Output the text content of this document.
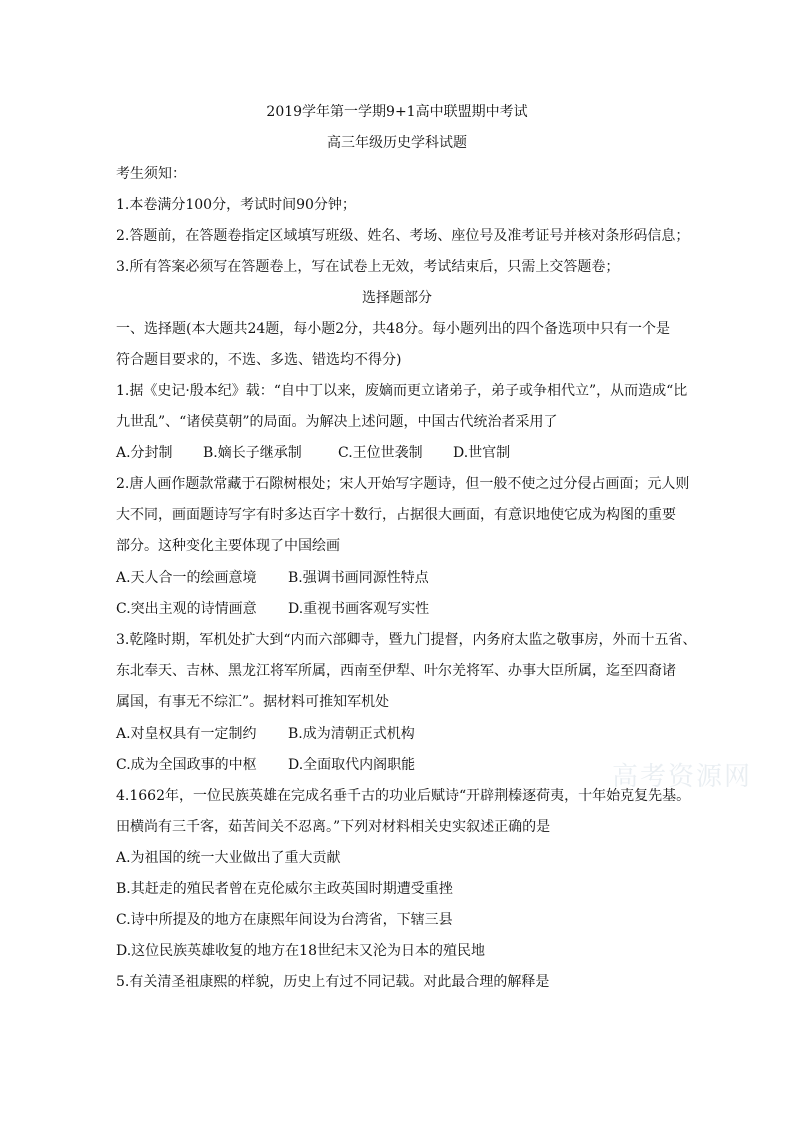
2019学年第一学期9+1高中联盟期中考试
高三年级历史学科试题
考生须知：
1.本卷满分100分，考试时间90分钟；
2.答题前，在答题卷指定区域填写班级、姓名、考场、座位号及准考证号并核对条形码信息；
3.所有答案必须写在答题卷上，写在试卷上无效，考试结束后，只需上交答题卷；
选择题部分
一、选择题(本大题共24题，每小题2分，共48分。每小题列出的四个备选项中只有一个是
符合题目要求的，不选、多选、错选均不得分)
1.据《史记·殷本纪》载：“自中丁以来，废嫡而更立诸弟子，弟子或争相代立”，从而造成“比
九世乱”、“诸侯莫朝”的局面。为解决上述问题，中国古代统治者采用了
A.分封制 B.嫡长子继承制	C.王位世袭制 D.世官制
2.唐人画作题款常藏于石隙树根处；宋人开始写字题诗，但一般不使之过分侵占画面；元人则
大不同，画面题诗写字有时多达百字十数行，占据很大画面，有意识地使它成为构图的重要
部分。这种变化主要体现了中国绘画
A.天人合一的绘画意境 B.强调书画同源性特点
C.突出主观的诗情画意 D.重视书画客观写实性
3.乾隆时期，军机处扩大到“内而六部卿寺，暨九门提督，内务府太监之敬事房，外而十五省、
东北奉天、吉林、黑龙江将军所属，西南至伊犁、叶尔羌将军、办事大臣所属，迄至四裔诸
属国，有事无不综汇”。据材料可推知军机处
A.对皇权具有一定制约 B.成为清朝正式机构
C.成为全国政事的中枢 D.全面取代内阁职能
4.1662年，一位民族英雄在完成名垂千古的功业后赋诗“开辟荆榛逐荷夷，十年始克复先基。
田横尚有三千客，茹苦间关不忍离。”下列对材料相关史实叙述正确的是
A.为祖国的统一大业做出了重大贡献
B.其赶走的殖民者曾在克伦威尔主政英国时期遭受重挫
C.诗中所提及的地方在康熙年间设为台湾省，下辖三县
D.这位民族英雄收复的地方在18世纪末又沦为日本的殖民地
5.有关清圣祖康熙的样貌，历史上有过不同记载。对此最合理的解释是
高考资源网
